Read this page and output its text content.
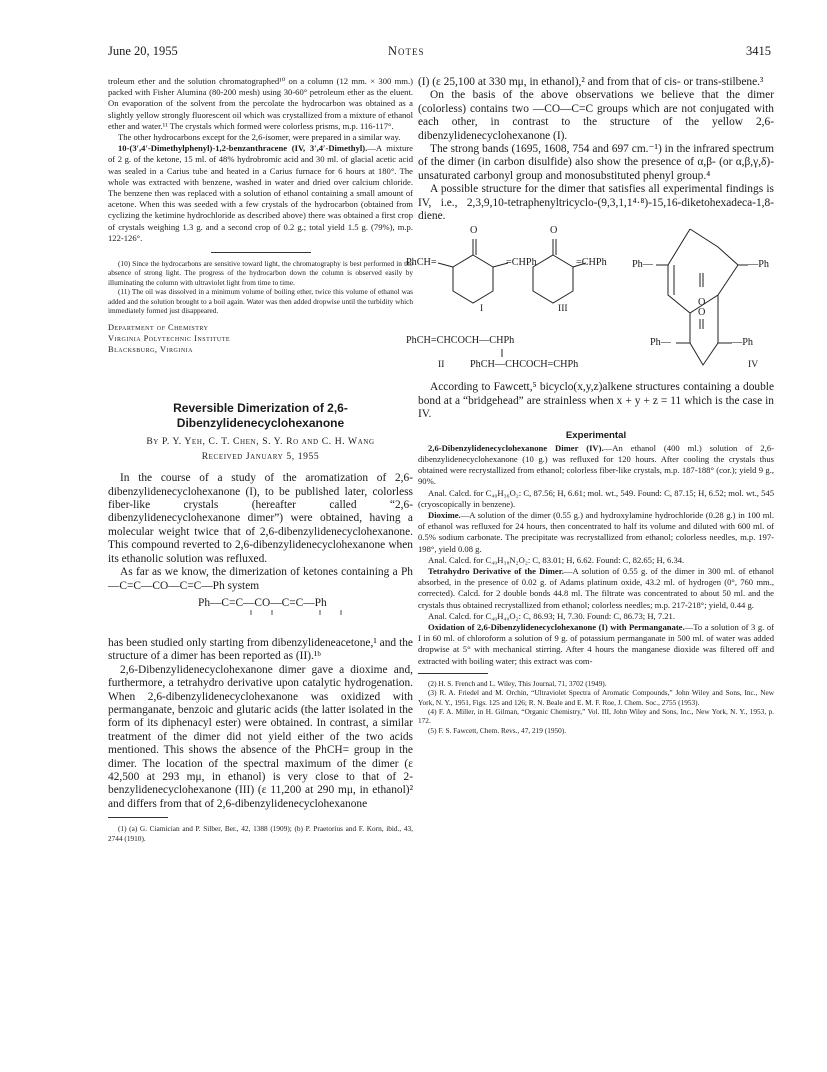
June 20, 1955	Notes	3415

troleum ether and the solution chromatographed¹⁰ on a column (12 mm. × 300 mm.) packed with Fisher Alumina (80-200 mesh) using 30-60° petroleum ether as the eluent. On evaporation of the solvent from the percolate the hydrocarbon was obtained as a slightly yellow strongly fluorescent oil which was crystallized from a mixture of ethanol ether and water.¹¹ The crystals which formed were colorless prisms, m.p. 116-117°.

The other hydrocarbons except for the 2,6-isomer, were prepared in a similar way.

10-(3′,4′-Dimethylphenyl)-1,2-benzanthracene (IV, 3′,4′-Dimethyl).—A mixture of 2 g. of the ketone, 15 ml. of 48% hydrobromic acid and 30 ml. of glacial acetic acid was sealed in a Carius tube and heated in a Carius furnace for 6 hours at 180°. The whole was extracted with benzene, washed in water and dried over calcium chloride. The benzene then was replaced with a solution of ethanol containing a small amount of acetone. When this was seeded with a few crystals of the hydrocarbon (obtained from cyclizing the ketimine hydrochloride as described above) there was obtained a first crop of crystals weighing 1.3 g. and a second crop of 0.2 g.; total yield 1.5 g. (79%), m.p. 122-126°.

(10) Since the hydrocarbons are sensitive toward light, the chromatography is best performed in the absence of strong light. The progress of the hydrocarbon down the column is observed easily by illuminating the column with ultraviolet light from time to time.

(11) The oil was dissolved in a minimum volume of boiling ether, twice this volume of ethanol was added and the solution brought to a boil again. Water was then added dropwise until the turbidity which immediately formed just disappeared.

Department of Chemistry

Virginia Polytechnic Institute

Blacksburg, Virginia

Reversible Dimerization of 2,6-Dibenzylidenecyclohexanone

By P. Y. Yeh, C. T. Chen, S. Y. Ro and C. H. Wang

Received January 5, 1955

In the course of a study of the aromatization of 2,6-dibenzylidenecyclohexanone (I), to be published later, colorless fiber-like crystals (hereafter called “2,6-dibenzylidenecyclohexanone dimer”) were obtained, having a molecular weight twice that of 2,6-dibenzylidenecyclohexanone. This compound reverted to 2,6-dibenzylidenecyclohexanone when its ethanolic solution was refluxed.

As far as we know, the dimerization of ketones containing a Ph—C=C—CO—C=C—Ph system

Ph—C=C—CO—C=C—Ph

has been studied only starting from dibenzylideneacetone,¹ and the structure of a dimer has been reported as (II).¹ᵇ

2,6-Dibenzylidenecyclohexanone dimer gave a dioxime and, furthermore, a tetrahydro derivative upon catalytic hydrogenation. When 2,6-dibenzylidenecyclohexanone was oxidized with permanganate, benzoic and glutaric acids (the latter isolated in the form of its diphenacyl ester) were obtained. In contrast, a similar treatment of the dimer did not yield either of the two acids mentioned. This shows the absence of the PhCH= group in the dimer. The location of the spectral maximum of the dimer (ε 42,500 at 293 mμ, in ethanol) is very close to that of 2-benzylidenecyclohexanone (III) (ε 11,200 at 290 mμ, in ethanol)² and differs from that of 2,6-dibenzylidenecyclohexanone

(1) (a) G. Ciamician and P. Silber, Ber., 42, 1388 (1909); (b) P. Praetorius and F. Korn, ibid., 43, 2744 (1910).

(I) (ε 25,100 at 330 mμ, in ethanol),² and from that of cis- or trans-stilbene.³

On the basis of the above observations we believe that the dimer (colorless) contains two —CO—C=C groups which are not conjugated with each other, in contrast to the structure of the yellow 2,6-dibenzylidenecyclohexanone (I).

The strong bands (1695, 1608, 754 and 697 cm.⁻¹) in the infrared spectrum of the dimer (in carbon disulfide) also show the presence of α,β- (or α,β,γ,δ)-unsaturated carbonyl group and monosubstituted phenyl group.⁴

A possible structure for the dimer that satisfies all experimental findings is IV, i.e., 2,3,9,10-tetraphenyltricyclo-(9,3,1,1⁴·⁸)-15,16-diketohexadeca-1,8-diene.

PhCH=	=CHPh
O
I
=CHPh
O
III
Ph—	—Ph
O
O
Ph—	—Ph
IV
PhCH=CHCOCH—CHPh
II	PhCH—CHCOCH=CHPh

According to Fawcett,⁵ bicyclo(x,y,z)alkene structures containing a double bond at a “bridgehead” are strainless when x + y + z = 11 which is the case in IV.

Experimental

2,6-Dibenzylidenecyclohexanone Dimer (IV).—An ethanol (400 ml.) solution of 2,6-dibenzylidenecyclohexanone (10 g.) was refluxed for 120 hours. After cooling the crystals thus obtained were recrystallized from ethanol; colorless fiber-like crystals, m.p. 187-188° (cor.); yield 9 g., 90%.

Anal. Calcd. for C₄₀H₃₆O₂: C, 87.56; H, 6.61; mol. wt., 549. Found: C, 87.15; H, 6.52; mol. wt., 545 (cryoscopically in benzene).

Dioxime.—A solution of the dimer (0.55 g.) and hydroxylamine hydrochloride (0.28 g.) in 100 ml. of ethanol was refluxed for 24 hours, then concentrated to half its volume and diluted with 600 ml. of 0.5% sodium carbonate. The precipitate was recrystallized from ethanol; colorless needles, m.p. 197-198°, yield 0.08 g.

Anal. Calcd. for C₄₀H₃₈N₂O₂: C, 83.01; H, 6.62. Found: C, 82.65; H, 6.34.

Tetrahydro Derivative of the Dimer.—A solution of 0.55 g. of the dimer in 300 ml. of ethanol absorbed, in the presence of 0.02 g. of Adams platinum oxide, 43.2 ml. of hydrogen (0°, 760 mm., corrected). Calcd. for 2 double bonds 44.8 ml. The filtrate was concentrated to about 50 ml. and the crystals thus obtained recrystallized from ethanol; colorless needles; m.p. 217-218°; yield, 0.44 g.

Anal. Calcd. for C₄₀H₄₀O₂: C, 86.93; H, 7.30. Found: C, 86.73; H, 7.21.

Oxidation of 2,6-Dibenzylidenecyclohexanone (I) with Permanganate.—To a solution of 3 g. of I in 60 ml. of chloroform a solution of 9 g. of potassium permanganate in 500 ml. of water was added dropwise at 5° with mechanical stirring. After 4 hours the manganese dioxide was filtered off and extracted with boiling water; this extract was com-

(2) H. S. French and L. Wiley, This Journal, 71, 3702 (1949).

(3) R. A. Friedel and M. Orchin, “Ultraviolet Spectra of Aromatic Compounds,” John Wiley and Sons, Inc., New York, N. Y., 1951, Figs. 125 and 126; R. N. Beale and E. M. F. Roe, J. Chem. Soc., 2755 (1953).

(4) F. A. Miller, in H. Gilman, “Organic Chemistry,” Vol. III, John Wiley and Sons, Inc., New York, N. Y., 1953, p. 172.

(5) F. S. Fawcett, Chem. Revs., 47, 219 (1950).
